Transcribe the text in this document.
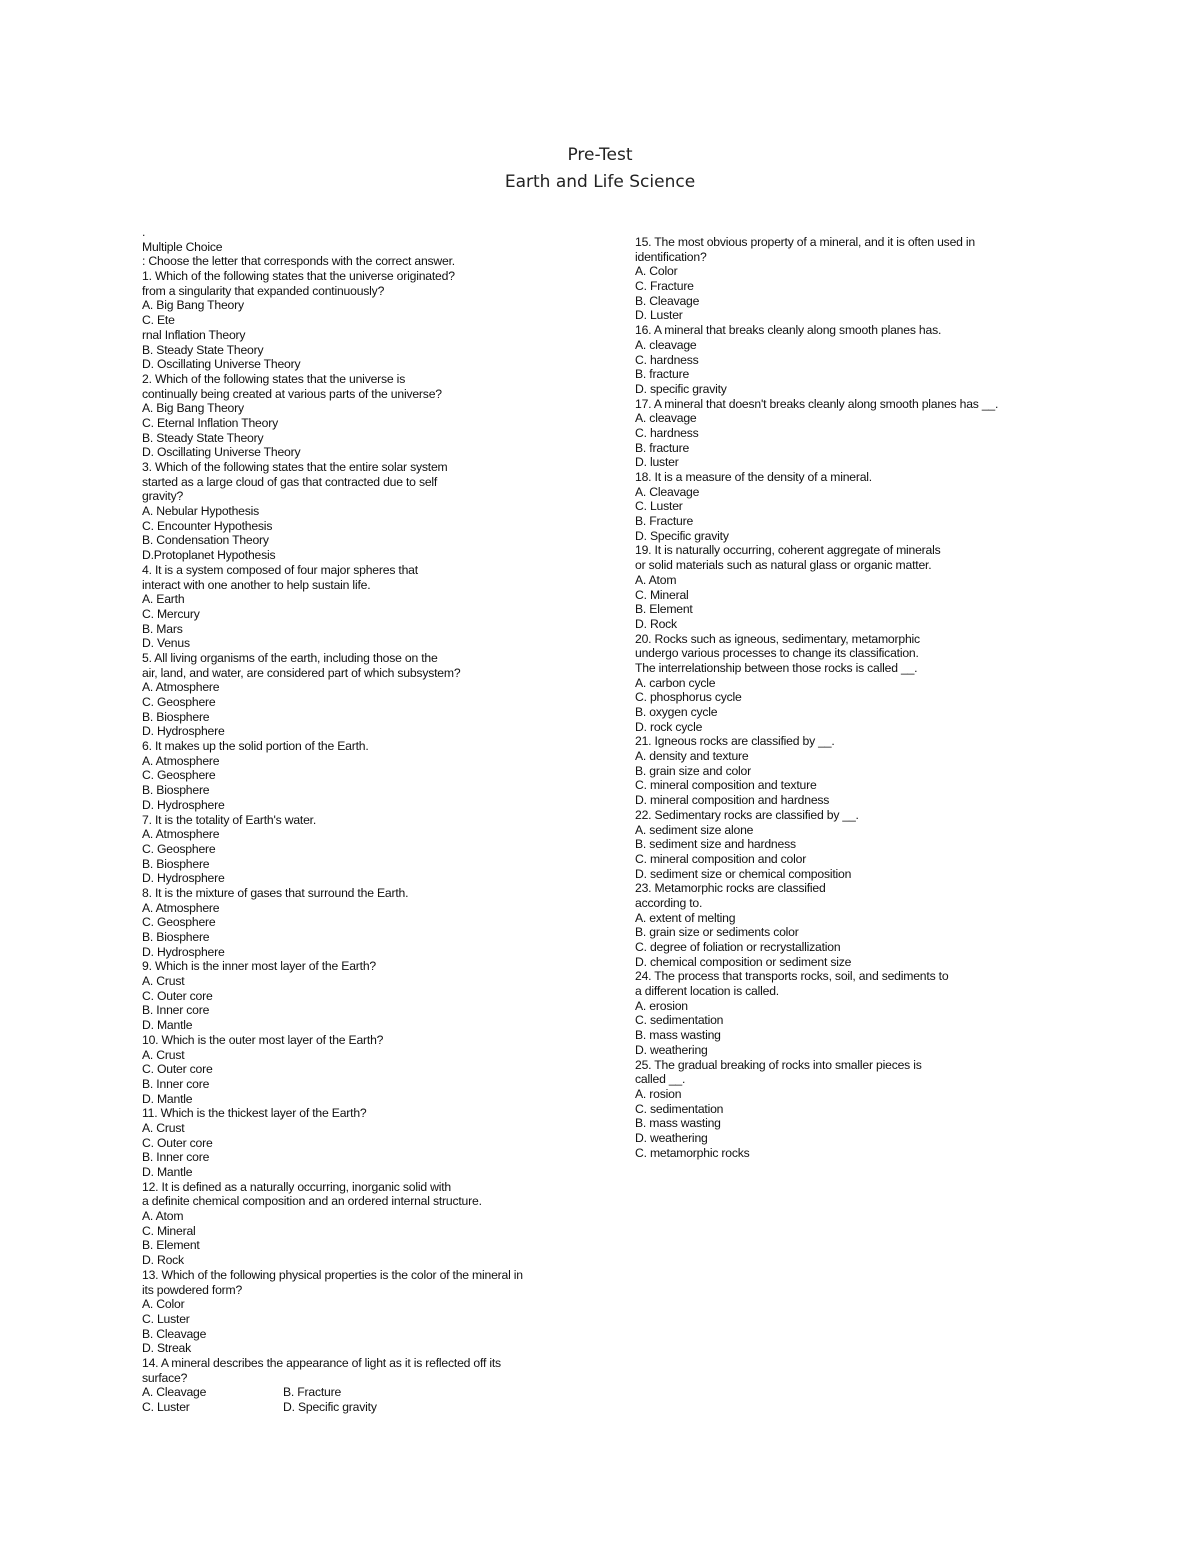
Pre-Test
Earth and Life Science
.
Multiple Choice
: Choose the letter that corresponds with the correct answer.
1. Which of the following states that the universe originated?
from a singularity that expanded continuously?
A. Big Bang Theory
C. Ete
rnal Inflation Theory
B. Steady State Theory
D. Oscillating Universe Theory
2. Which of the following states that the universe is
continually being created at various parts of the universe?
A. Big Bang Theory
C. Eternal Inflation Theory
B. Steady State Theory
D. Oscillating Universe Theory
3. Which of the following states that the entire solar system
started as a large cloud of gas that contracted due to self
gravity?
A. Nebular Hypothesis
C. Encounter Hypothesis
B. Condensation Theory
D.Protoplanet Hypothesis
4. It is a system composed of four major spheres that
interact with one another to help sustain life.
A. Earth
C. Mercury
B. Mars
D. Venus
5. All living organisms of the earth, including those on the
air, land, and water, are considered part of which subsystem?
A. Atmosphere
C. Geosphere
B. Biosphere
D. Hydrosphere
6. It makes up the solid portion of the Earth.
A. Atmosphere
C. Geosphere
B. Biosphere
D. Hydrosphere
7. It is the totality of Earth's water.
A. Atmosphere
C. Geosphere
B. Biosphere
D. Hydrosphere
8. It is the mixture of gases that surround the Earth.
A. Atmosphere
C. Geosphere
B. Biosphere
D. Hydrosphere
9. Which is the inner most layer of the Earth?
A. Crust
C. Outer core
B. Inner core
D. Mantle
10. Which is the outer most layer of the Earth?
A. Crust
C. Outer core
B. Inner core
D. Mantle
11. Which is the thickest layer of the Earth?
A. Crust
C. Outer core
B. Inner core
D. Mantle
12. It is defined as a naturally occurring, inorganic solid with
a definite chemical composition and an ordered internal structure.
A. Atom
C. Mineral
B. Element
D. Rock
13. Which of the following physical properties is the color of the mineral in
its powdered form?
A. Color
C. Luster
B. Cleavage
D. Streak
14. A mineral describes the appearance of light as it is reflected off its
surface?
A. Cleavage	B. Fracture
C. Luster	D. Specific gravity
15. The most obvious property of a mineral, and it is often used in
identification?
A. Color
C. Fracture
B. Cleavage
D. Luster
16. A mineral that breaks cleanly along smooth planes has.
A. cleavage
C. hardness
B. fracture
D. specific gravity
17. A mineral that doesn't breaks cleanly along smooth planes has __.
A. cleavage
C. hardness
B. fracture
D. luster
18. It is a measure of the density of a mineral.
A. Cleavage
C. Luster
B. Fracture
D. Specific gravity
19. It is naturally occurring, coherent aggregate of minerals
or solid materials such as natural glass or organic matter.
A. Atom
C. Mineral
B. Element
D. Rock
20. Rocks such as igneous, sedimentary, metamorphic
undergo various processes to change its classification.
The interrelationship between those rocks is called __.
A. carbon cycle
C. phosphorus cycle
B. oxygen cycle
D. rock cycle
21. Igneous rocks are classified by __.
A. density and texture
B. grain size and color
C. mineral composition and texture
D. mineral composition and hardness
22. Sedimentary rocks are classified by __.
A. sediment size alone
B. sediment size and hardness
C. mineral composition and color
D. sediment size or chemical composition
23. Metamorphic rocks are classified
according to.
A. extent of melting
B. grain size or sediments color
C. degree of foliation or recrystallization
D. chemical composition or sediment size
24. The process that transports rocks, soil, and sediments to
a different location is called.
A. erosion
C. sedimentation
B. mass wasting
D. weathering
25. The gradual breaking of rocks into smaller pieces is
called __.
A. rosion
C. sedimentation
B. mass wasting
D. weathering
C. metamorphic rocks
